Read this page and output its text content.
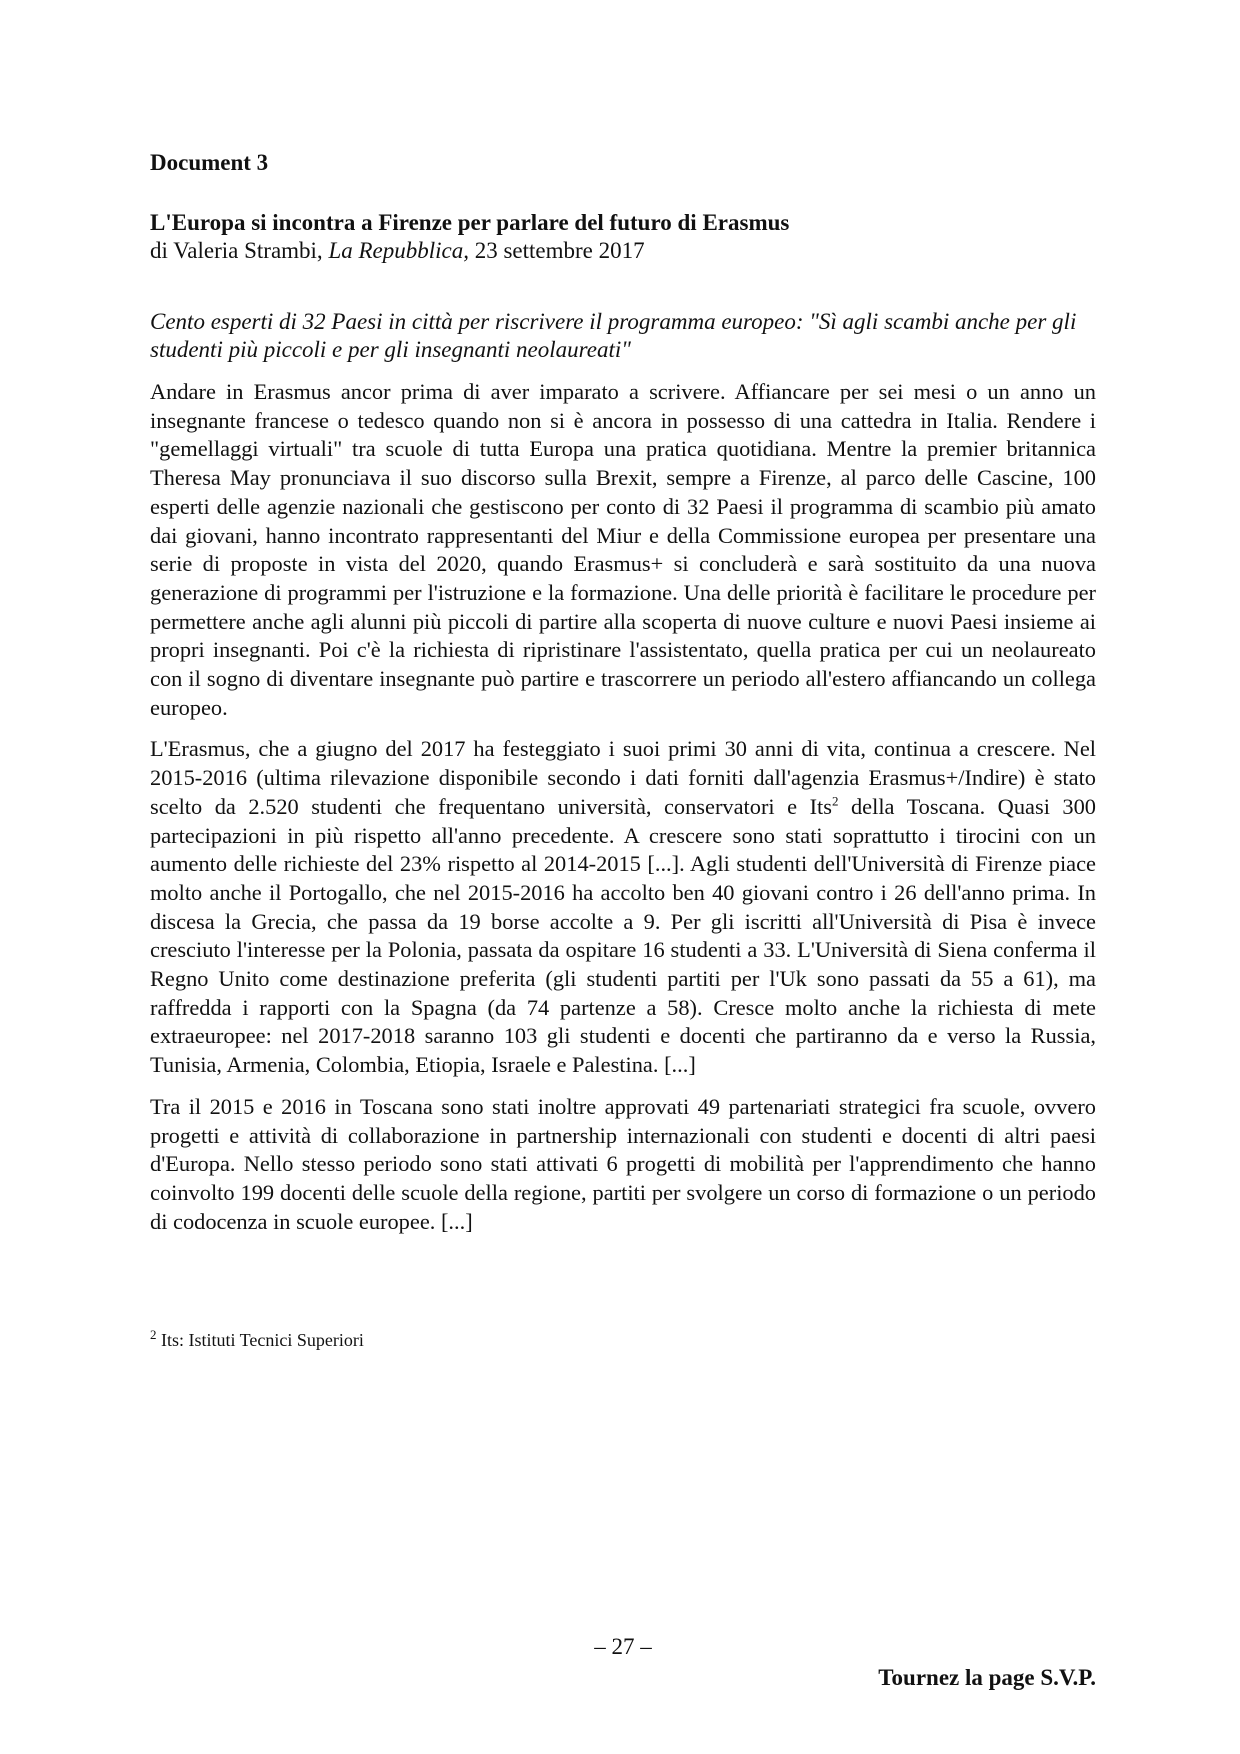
Document 3

L'Europa si incontra a Firenze per parlare del futuro di Erasmus

di Valeria Strambi, La Repubblica, 23 settembre 2017

Cento esperti di 32 Paesi in città per riscrivere il programma europeo: "Sì agli scambi anche per gli studenti più piccoli e per gli insegnanti neolaureati"

Andare in Erasmus ancor prima di aver imparato a scrivere. Affiancare per sei mesi o un anno un insegnante francese o tedesco quando non si è ancora in possesso di una cattedra in Italia. Rendere i "gemellaggi virtuali" tra scuole di tutta Europa una pratica quotidiana. Mentre la premier britannica Theresa May pronunciava il suo discorso sulla Brexit, sempre a Firenze, al parco delle Cascine, 100 esperti delle agenzie nazionali che gestiscono per conto di 32 Paesi il programma di scambio più amato dai giovani, hanno incontrato rappresentanti del Miur e della Commissione europea per presentare una serie di proposte in vista del 2020, quando Erasmus+ si concluderà e sarà sostituito da una nuova generazione di programmi per l'istruzione e la formazione. Una delle priorità è facilitare le procedure per permettere anche agli alunni più piccoli di partire alla scoperta di nuove culture e nuovi Paesi insieme ai propri insegnanti. Poi c'è la richiesta di ripristinare l'assistentato, quella pratica per cui un neolaureato con il sogno di diventare insegnante può partire e trascorrere un periodo all'estero affiancando un collega europeo.

L'Erasmus, che a giugno del 2017 ha festeggiato i suoi primi 30 anni di vita, continua a crescere. Nel 2015-2016 (ultima rilevazione disponibile secondo i dati forniti dall'agenzia Erasmus+/Indire) è stato scelto da 2.520 studenti che frequentano università, conservatori e Its$^2$ della Toscana. Quasi 300 partecipazioni in più rispetto all'anno precedente. A crescere sono stati soprattutto i tirocini con un aumento delle richieste del 23% rispetto al 2014-2015 [...]. Agli studenti dell'Università di Firenze piace molto anche il Portogallo, che nel 2015-2016 ha accolto ben 40 giovani contro i 26 dell'anno prima. In discesa la Grecia, che passa da 19 borse accolte a 9. Per gli iscritti all'Università di Pisa è invece cresciuto l'interesse per la Polonia, passata da ospitare 16 studenti a 33. L'Università di Siena conferma il Regno Unito come destinazione preferita (gli studenti partiti per l'Uk sono passati da 55 a 61), ma raffredda i rapporti con la Spagna (da 74 partenze a 58). Cresce molto anche la richiesta di mete extraeuropee: nel 2017-2018 saranno 103 gli studenti e docenti che partiranno da e verso la Russia, Tunisia, Armenia, Colombia, Etiopia, Israele e Palestina. [...]

Tra il 2015 e 2016 in Toscana sono stati inoltre approvati 49 partenariati strategici fra scuole, ovvero progetti e attività di collaborazione in partnership internazionali con studenti e docenti di altri paesi d'Europa. Nello stesso periodo sono stati attivati 6 progetti di mobilità per l'apprendimento che hanno coinvolto 199 docenti delle scuole della regione, partiti per svolgere un corso di formazione o un periodo di codocenza in scuole europee. [...]

$^2$ Its: Istituti Tecnici Superiori

– 27 –

Tournez la page S.V.P.
